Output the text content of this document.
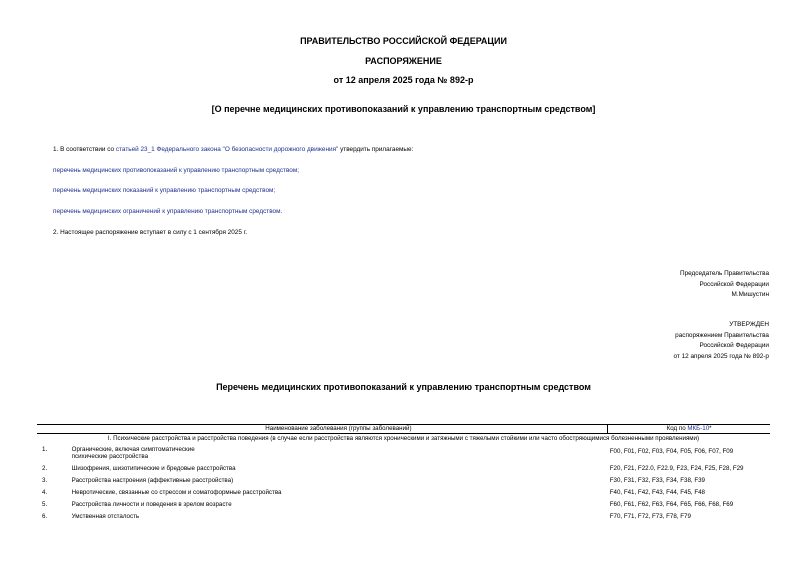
ПРАВИТЕЛЬСТВО РОССИЙСКОЙ ФЕДЕРАЦИИ
РАСПОРЯЖЕНИЕ
от 12 апреля 2025 года № 892-р
[О перечне медицинских противопоказаний к управлению транспортным средством]
1. В соответствии со статьей 23_1 Федерального закона "О безопасности дорожного движения" утвердить прилагаемые:
перечень медицинских противопоказаний к управлению транспортным средством;
перечень медицинских показаний к управлению транспортным средством;
перечень медицинских ограничений к управлению транспортным средством.
2. Настоящее распоряжение вступает в силу с 1 сентября 2025 г.
Председатель Правительства
Российской Федерации
М.Мишустин
УТВЕРЖДЕН
распоряжением Правительства
Российской Федерации
от 12 апреля 2025 года № 892-р
Перечень медицинских противопоказаний к управлению транспортным средством
	Наименование заболевания (группы заболеваний)	Код по МКБ-10*
I. Психические расстройства и расстройства поведения (в случае если расстройства являются хроническими и затяжными с тяжелыми стойкими или часто обостряющимися болезненными проявлениями)		
1.	Органические, включая симптоматические психические расстройства	F00, F01, F02, F03, F04, F05, F06, F07, F09
2.	Шизофрения, шизотипические и бредовые расстройства	F20, F21, F22.0, F22.9, F23, F24, F25, F28, F29
3.	Расстройства настроения (аффективные расстройства)	F30, F31, F32, F33, F34, F38, F39
4.	Невротические, связанные со стрессом и соматоформные расстройства	F40, F41, F42, F43, F44, F45, F48
5.	Расстройства личности и поведения в зрелом возрасте	F60, F61, F62, F63, F64, F65, F66, F68, F69
6.	Умственная отсталость	F70, F71, F72, F73, F78, F79
